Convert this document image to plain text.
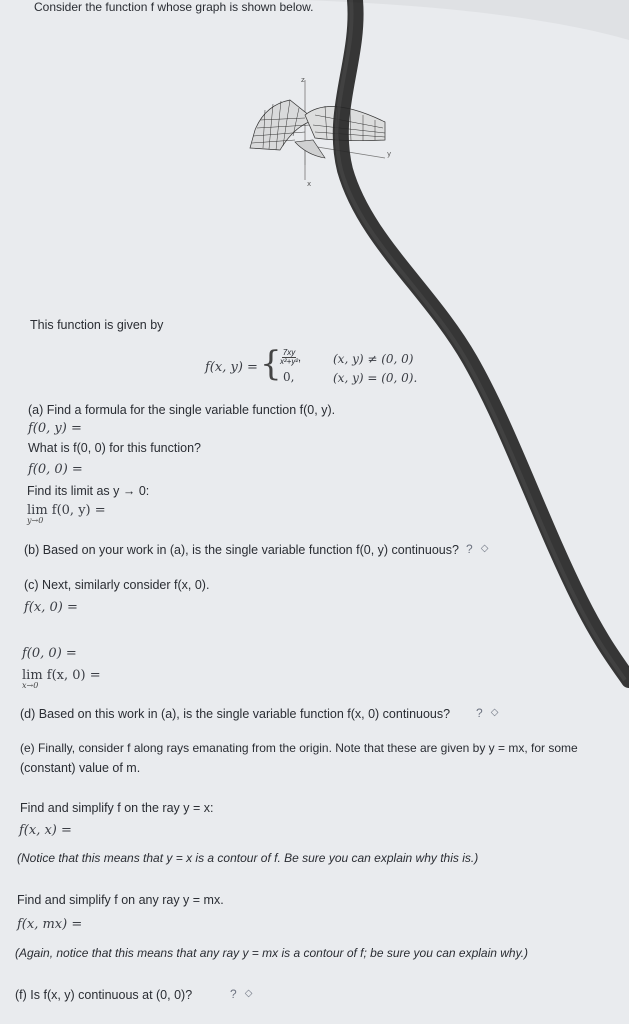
Consider the function f whose graph is shown below.
z
x
y
This function is given by
f(x, y) = {
$\frac{7xy}{\text{x²+y²}}$,	(x, y) ≠ (0, 0)
0,	(x, y) = (0, 0).
(a) Find a formula for the single variable function f(0, y).
f(0, y) =
What is f(0, 0) for this function?
f(0, 0) =
Find its limit as y → 0:
lim f(0, y) =
y→0
(b) Based on your work in (a), is the single variable function f(0, y) continuous? ? ◇
(c) Next, similarly consider f(x, 0).
f(x, 0) =
f(0, 0) =
lim f(x, 0) =
x→0
(d) Based on this work in (a), is the single variable function f(x, 0) continuous? ? ◇
(e) Finally, consider f along rays emanating from the origin. Note that these are given by y = mx, for some
(constant) value of m.
Find and simplify f on the ray y = x:
f(x, x) =
(Notice that this means that y = x is a contour of f. Be sure you can explain why this is.)
Find and simplify f on any ray y = mx.
f(x, mx) =
(Again, notice that this means that any ray y = mx is a contour of f; be sure you can explain why.)
(f) Is f(x, y) continuous at (0, 0)?	? ◇
